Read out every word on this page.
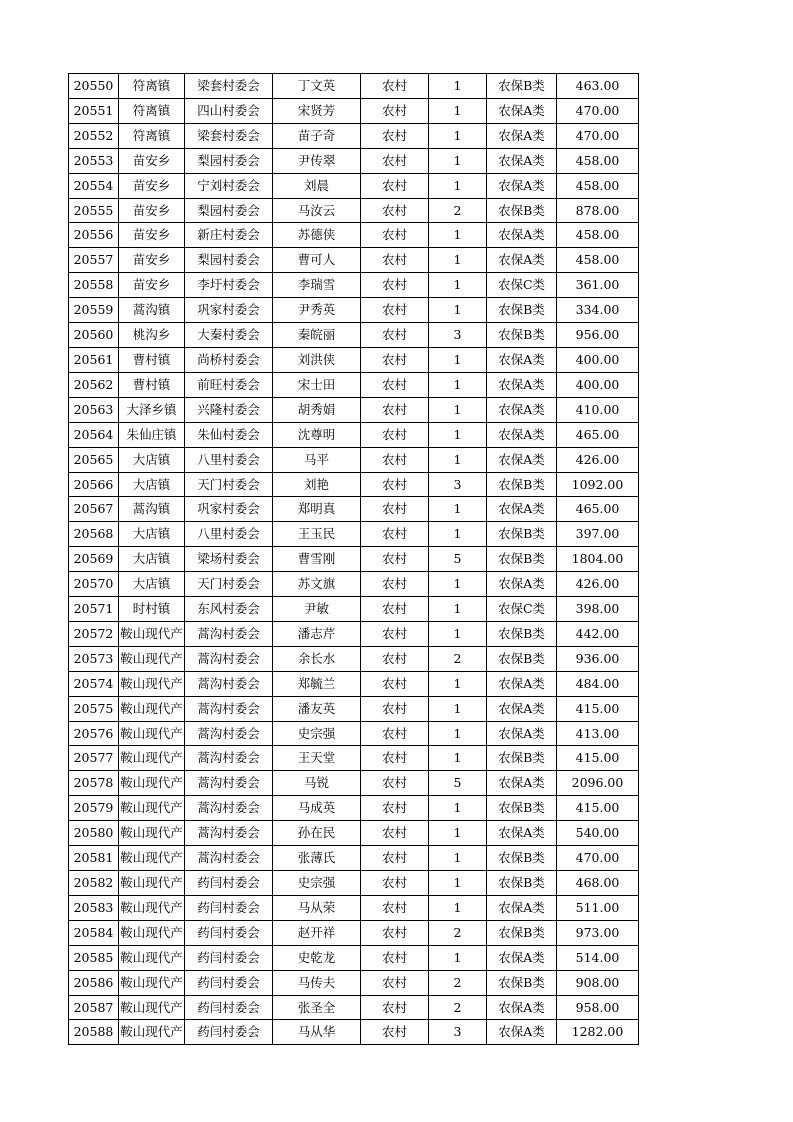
20550	符离镇	梁套村委会	丁文英	农村	1	农保B类	463.00
20551	符离镇	四山村委会	宋贤芳	农村	1	农保A类	470.00
20552	符离镇	梁套村委会	苗子奇	农村	1	农保A类	470.00
20553	苗安乡	梨园村委会	尹传翠	农村	1	农保A类	458.00
20554	苗安乡	宁刘村委会	刘晨	农村	1	农保A类	458.00
20555	苗安乡	梨园村委会	马汝云	农村	2	农保B类	878.00
20556	苗安乡	新庄村委会	苏德侠	农村	1	农保A类	458.00
20557	苗安乡	梨园村委会	曹可人	农村	1	农保A类	458.00
20558	苗安乡	李圩村委会	李瑞雪	农村	1	农保C类	361.00
20559	蒿沟镇	巩家村委会	尹秀英	农村	1	农保B类	334.00
20560	桃沟乡	大秦村委会	秦皖丽	农村	3	农保B类	956.00
20561	曹村镇	尚桥村委会	刘洪侠	农村	1	农保A类	400.00
20562	曹村镇	前旺村委会	宋士田	农村	1	农保A类	400.00
20563	大泽乡镇	兴隆村委会	胡秀娟	农村	1	农保A类	410.00
20564	朱仙庄镇	朱仙村委会	沈尊明	农村	1	农保A类	465.00
20565	大店镇	八里村委会	马平	农村	1	农保A类	426.00
20566	大店镇	天门村委会	刘艳	农村	3	农保B类	1092.00
20567	蒿沟镇	巩家村委会	郑明真	农村	1	农保A类	465.00
20568	大店镇	八里村委会	王玉民	农村	1	农保B类	397.00
20569	大店镇	梁场村委会	曹雪刚	农村	5	农保B类	1804.00
20570	大店镇	天门村委会	苏文旗	农村	1	农保A类	426.00
20571	时村镇	东风村委会	尹敏	农村	1	农保C类	398.00
20572	鞍山现代产	蒿沟村委会	潘志芹	农村	1	农保B类	442.00
20573	鞍山现代产	蒿沟村委会	余长水	农村	2	农保B类	936.00
20574	鞍山现代产	蒿沟村委会	郑毓兰	农村	1	农保A类	484.00
20575	鞍山现代产	蒿沟村委会	潘友英	农村	1	农保A类	415.00
20576	鞍山现代产	蒿沟村委会	史宗强	农村	1	农保A类	413.00
20577	鞍山现代产	蒿沟村委会	王天堂	农村	1	农保B类	415.00
20578	鞍山现代产	蒿沟村委会	马锐	农村	5	农保A类	2096.00
20579	鞍山现代产	蒿沟村委会	马成英	农村	1	农保B类	415.00
20580	鞍山现代产	蒿沟村委会	孙在民	农村	1	农保A类	540.00
20581	鞍山现代产	蒿沟村委会	张薄氏	农村	1	农保B类	470.00
20582	鞍山现代产	药闫村委会	史宗强	农村	1	农保B类	468.00
20583	鞍山现代产	药闫村委会	马从荣	农村	1	农保A类	511.00
20584	鞍山现代产	药闫村委会	赵开祥	农村	2	农保B类	973.00
20585	鞍山现代产	药闫村委会	史乾龙	农村	1	农保A类	514.00
20586	鞍山现代产	药闫村委会	马传夫	农村	2	农保B类	908.00
20587	鞍山现代产	药闫村委会	张圣全	农村	2	农保A类	958.00
20588	鞍山现代产	药闫村委会	马从华	农村	3	农保A类	1282.00
